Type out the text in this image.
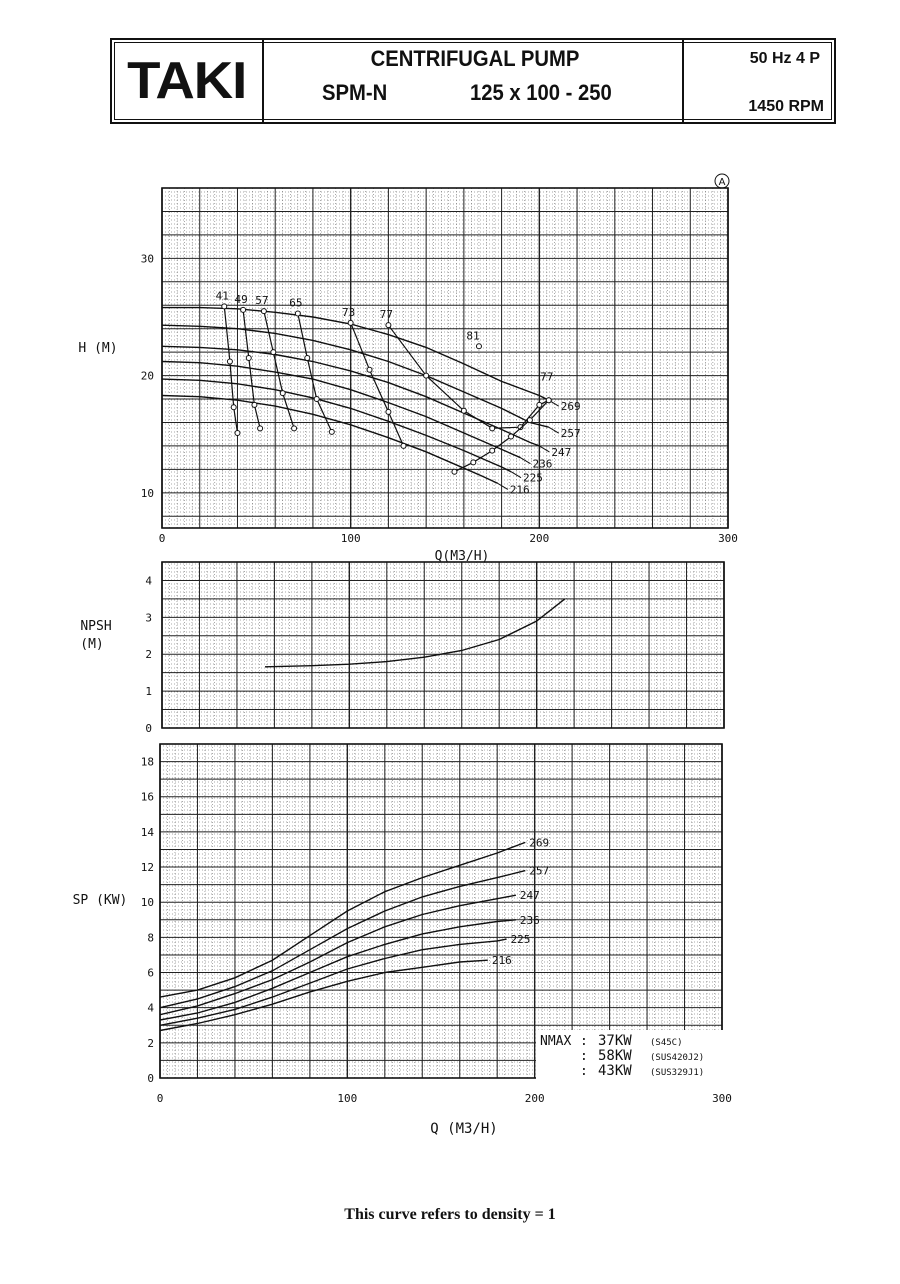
TAKI	CENTRIFUGAL PUMP
SPM-N	125 x 100 - 250
50 Hz 4 P
1450 RPM
10
20
30
0	100	200	300
H (M)
Q(M3/H)
A
269
257
247
236
225
216
41 49 57 65
73 77
81
77
0
1
2
3
4
NPSH
(M)
0
2
4
6
8
10
12
14
16
18
0	100	200	300
SP (KW)
Q (M3/H)
269
257
247
236
225
216
NMAX : 37KW (S45C)
: 58KW (SUS420J2)
: 43KW (SUS329J1)
This curve refers to density = 1
